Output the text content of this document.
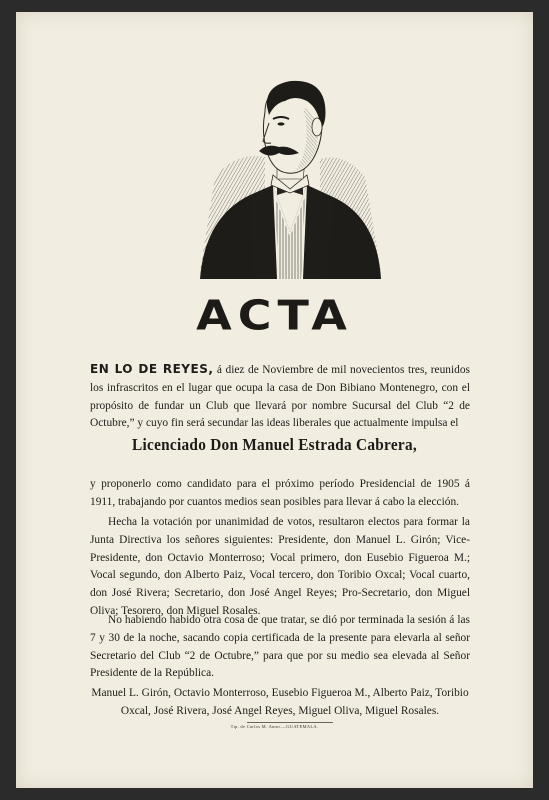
ACTA
EN LO DE REYES, á diez de Noviembre de mil novecientos tres, reunidos los infrascritos en el lugar que ocupa la casa de Don Bibiano Montenegro, con el propósito de fundar un Club que llevará por nombre Sucursal del Club “2 de Octubre,” y cuyo fin será secundar las ideas liberales que actualmente impulsa el
Licenciado Don Manuel Estrada Cabrera,
y proponerlo como candidato para el próximo período Presidencial de 1905 á 1911, trabajando por cuantos medios sean posibles para llevar á cabo la elección.
Hecha la votación por unanimidad de votos, resultaron electos para formar la Junta Directiva los señores siguientes: Presidente, don Manuel L. Girón; Vice-Presidente, don Octavio Monterroso; Vocal primero, don Eusebio Figueroa M.; Vocal segundo, don Alberto Paiz, Vocal tercero, don Toribio Oxcal; Vocal cuarto, don José Rivera; Secretario, don José Angel Reyes; Pro-Secretario, don Miguel Oliva; Tesorero, don Miguel Rosales.
No habiendo habido otra cosa de que tratar, se dió por terminada la sesión á las 7 y 30 de la noche, sacando copia certificada de la presente para elevarla al señor Secretario del Club “2 de Octubre,” para que por su medio sea elevada al Señor Presidente de la República.
Manuel L. Girón, Octavio Monterroso, Eusebio Figueroa M., Alberto Paiz, Toribio Oxcal, José Rivera, José Angel Reyes, Miguel Oliva, Miguel Rosales.
Tip. de Carlos M. Amor.—GUATEMALA.
